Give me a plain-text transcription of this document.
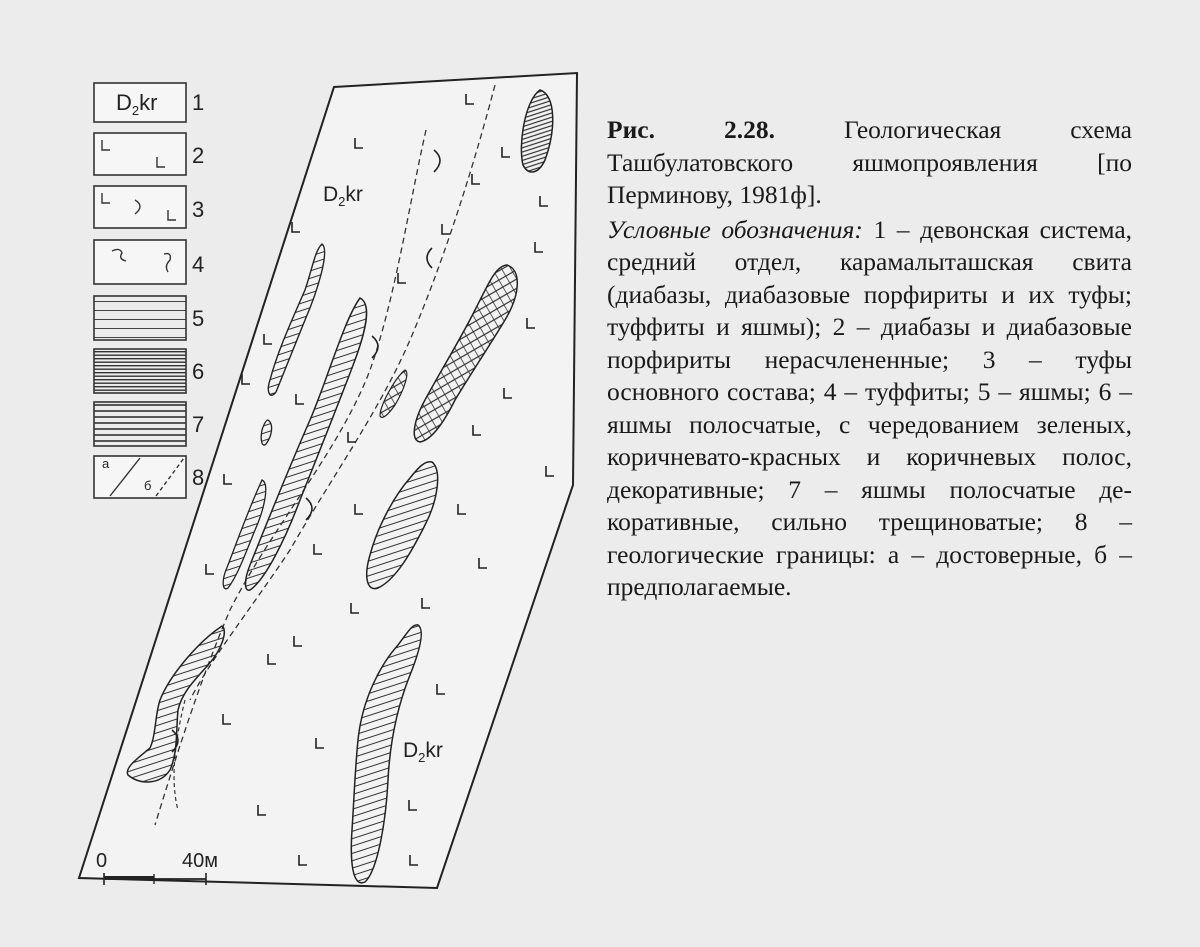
$D_2kr$
а
б
1
2
3
4
5
6
7
8
$D_2kr$
$D_2kr$
0	40м

Рис. 2.28.	Геологическая схема Ташбулатовского яшмопроявления [по Перминову, 1981ф].

Условные обозначения: 1 – девонская система, средний отдел, карамалыташская свита (диабазы, диабазовые порфириты и их туфы; туффиты и яшмы); 2 – диабазы и диабазовые порфириты нерасчлененные; 3 – туфы основного состава; 4 – туффиты; 5 – яшмы; 6 – яшмы полосчатые, с чередованием зеленых, коричневато-красных и коричневых полос, декоративные; 7 – яшмы полосчатые декоративные, сильно трещиноватые; 8 – геологические границы: а – достоверные, б – предполагаемые.
